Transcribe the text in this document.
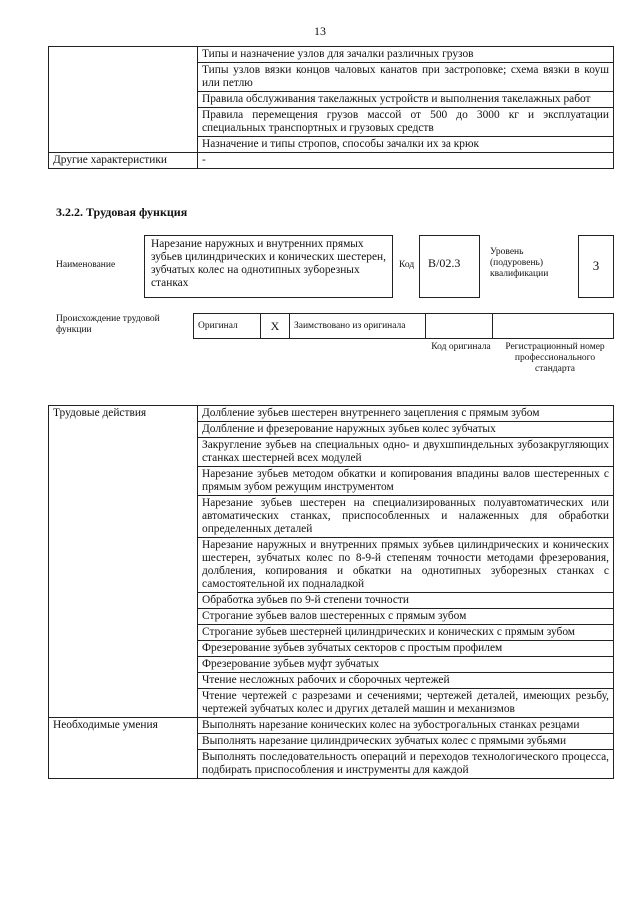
13
	Типы и назначение узлов для зачалки различных грузов
	Типы узлов вязки концов чаловых канатов при застроповке; схема вязки в коуш или петлю
	Правила обслуживания такелажных устройств и выполнения такелажных работ
	Правила перемещения грузов массой от 500 до 3000 кг и эксплуатации специальных транспортных и грузовых средств
	Назначение и типы стропов, способы зачалки их за крюк
Другие характеристики	-
3.2.2. Трудовая функция
Наименование
Нарезание наружных и внутренних прямых зубьев цилиндрических и конических шестерен, зубчатых колес на однотипных зуборезных станках
Код	B/02.3
Уровень (подуровень) квалификации
3
Происхождение трудовой функции	Оригинал	X	Заимствовано из оригинала		
Код оригинала	Регистрационный номер профессионального стандарта
Трудовые действия	Долбление зубьев шестерен внутреннего зацепления с прямым зубом
	Долбление и фрезерование наружных зубьев колес зубчатых
	Закругление зубьев на специальных одно- и двухшпиндельных зубозакругляющих станках шестерней всех модулей
	Нарезание зубьев методом обкатки и копирования впадины валов шестеренных с прямым зубом режущим инструментом
	Нарезание зубьев шестерен на специализированных полуавтоматических или автоматических станках, приспособленных и налаженных для обработки определенных деталей
	Нарезание наружных и внутренних прямых зубьев цилиндрических и конических шестерен, зубчатых колес по 8-9-й степеням точности методами фрезерования, долбления, копирования и обкатки на однотипных зуборезных станках с самостоятельной их подналадкой
	Обработка зубьев по 9-й степени точности
	Строгание зубьев валов шестеренных с прямым зубом
	Строгание зубьев шестерней цилиндрических и конических с прямым зубом
	Фрезерование зубьев зубчатых секторов с простым профилем
	Фрезерование зубьев муфт зубчатых
	Чтение несложных рабочих и сборочных чертежей
	Чтение чертежей с разрезами и сечениями; чертежей деталей, имеющих резьбу, чертежей зубчатых колес и других деталей машин и механизмов
Необходимые умения	Выполнять нарезание конических колес на зубострогальных станках резцами
	Выполнять нарезание цилиндрических зубчатых колес с прямыми зубьями
	Выполнять последовательность операций и переходов технологического процесса, подбирать приспособления и инструменты для каждой
